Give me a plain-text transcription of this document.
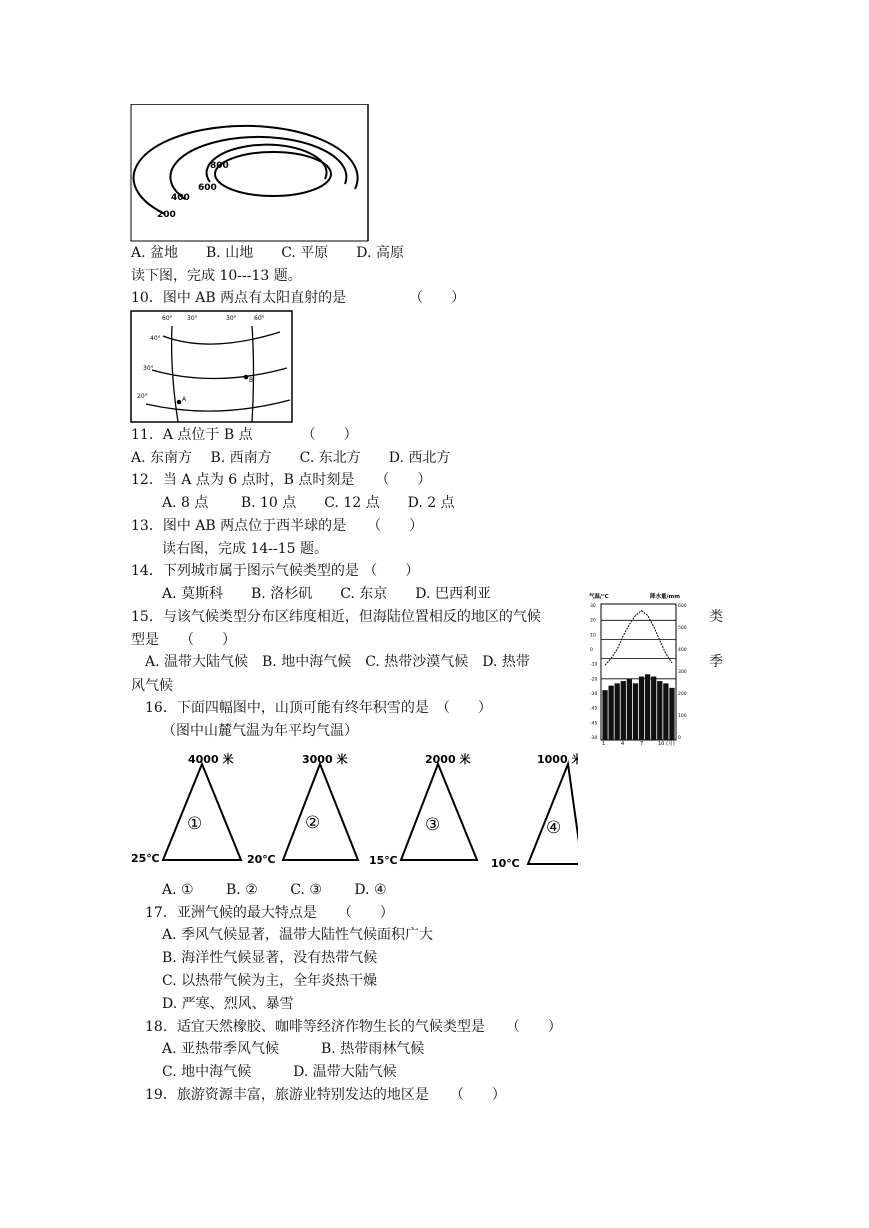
800
600
400
200
A. 盆地　　B. 山地　　C. 平原　　D. 高原
读下图，完成 10---13 题。
10．图中 AB 两点有太阳直射的是　　　　　（　　）
60° 30°	30°	60°
40°
30°
20°	A
B
11．A 点位于 B 点　　　　（　　）
A. 东南方　 B. 西南方　　C. 东北方　　D. 西北方
12．当 A 点为 6 点时，B 点时刻是　　（　　）
A. 8 点　　 B. 10 点　　C. 12 点　　D. 2 点
13．图中 AB 两点位于西半球的是　　（　　）
读右图，完成 14--15 题。
14．下列城市属于图示气候类型的是 （　　）
A. 莫斯科　　B. 洛杉矶　　C. 东京　　D. 巴西利亚
15．与该气候类型分布区纬度相近，但海陆位置相反的地区的气候	类
型是　　（　　）
A. 温带大陆气候　B. 地中海气候　C. 热带沙漠气候　D. 热带	季
风气候
气温/℃	降水量/mm
30
20
10
0
-10
-20
-30
-45
-45
-30
600
500
400
300
200
100
0
1	4	7	10 (月)
16．下面四幅图中，山顶可能有终年积雪的是　（　　）
（图中山麓气温为年平均气温）
4000 米
①
25℃
3000 米
②
20℃
2000 米
③
15℃
1000 米
④
10℃
A. ①　　 B. ②　　 C. ③　　 D. ④
17．亚洲气候的最大特点是　　（　　）
A. 季风气候显著，温带大陆性气候面积广大
B. 海洋性气候显著，没有热带气候
C. 以热带气候为主，全年炎热干燥
D. 严寒、烈风、暴雪
18．适宜天然橡胶、咖啡等经济作物生长的气候类型是　　（　　）
A. 亚热带季风气候　　　B. 热带雨林气候
C. 地中海气候　　　D. 温带大陆气候
19．旅游资源丰富，旅游业特别发达的地区是　　（　　）
